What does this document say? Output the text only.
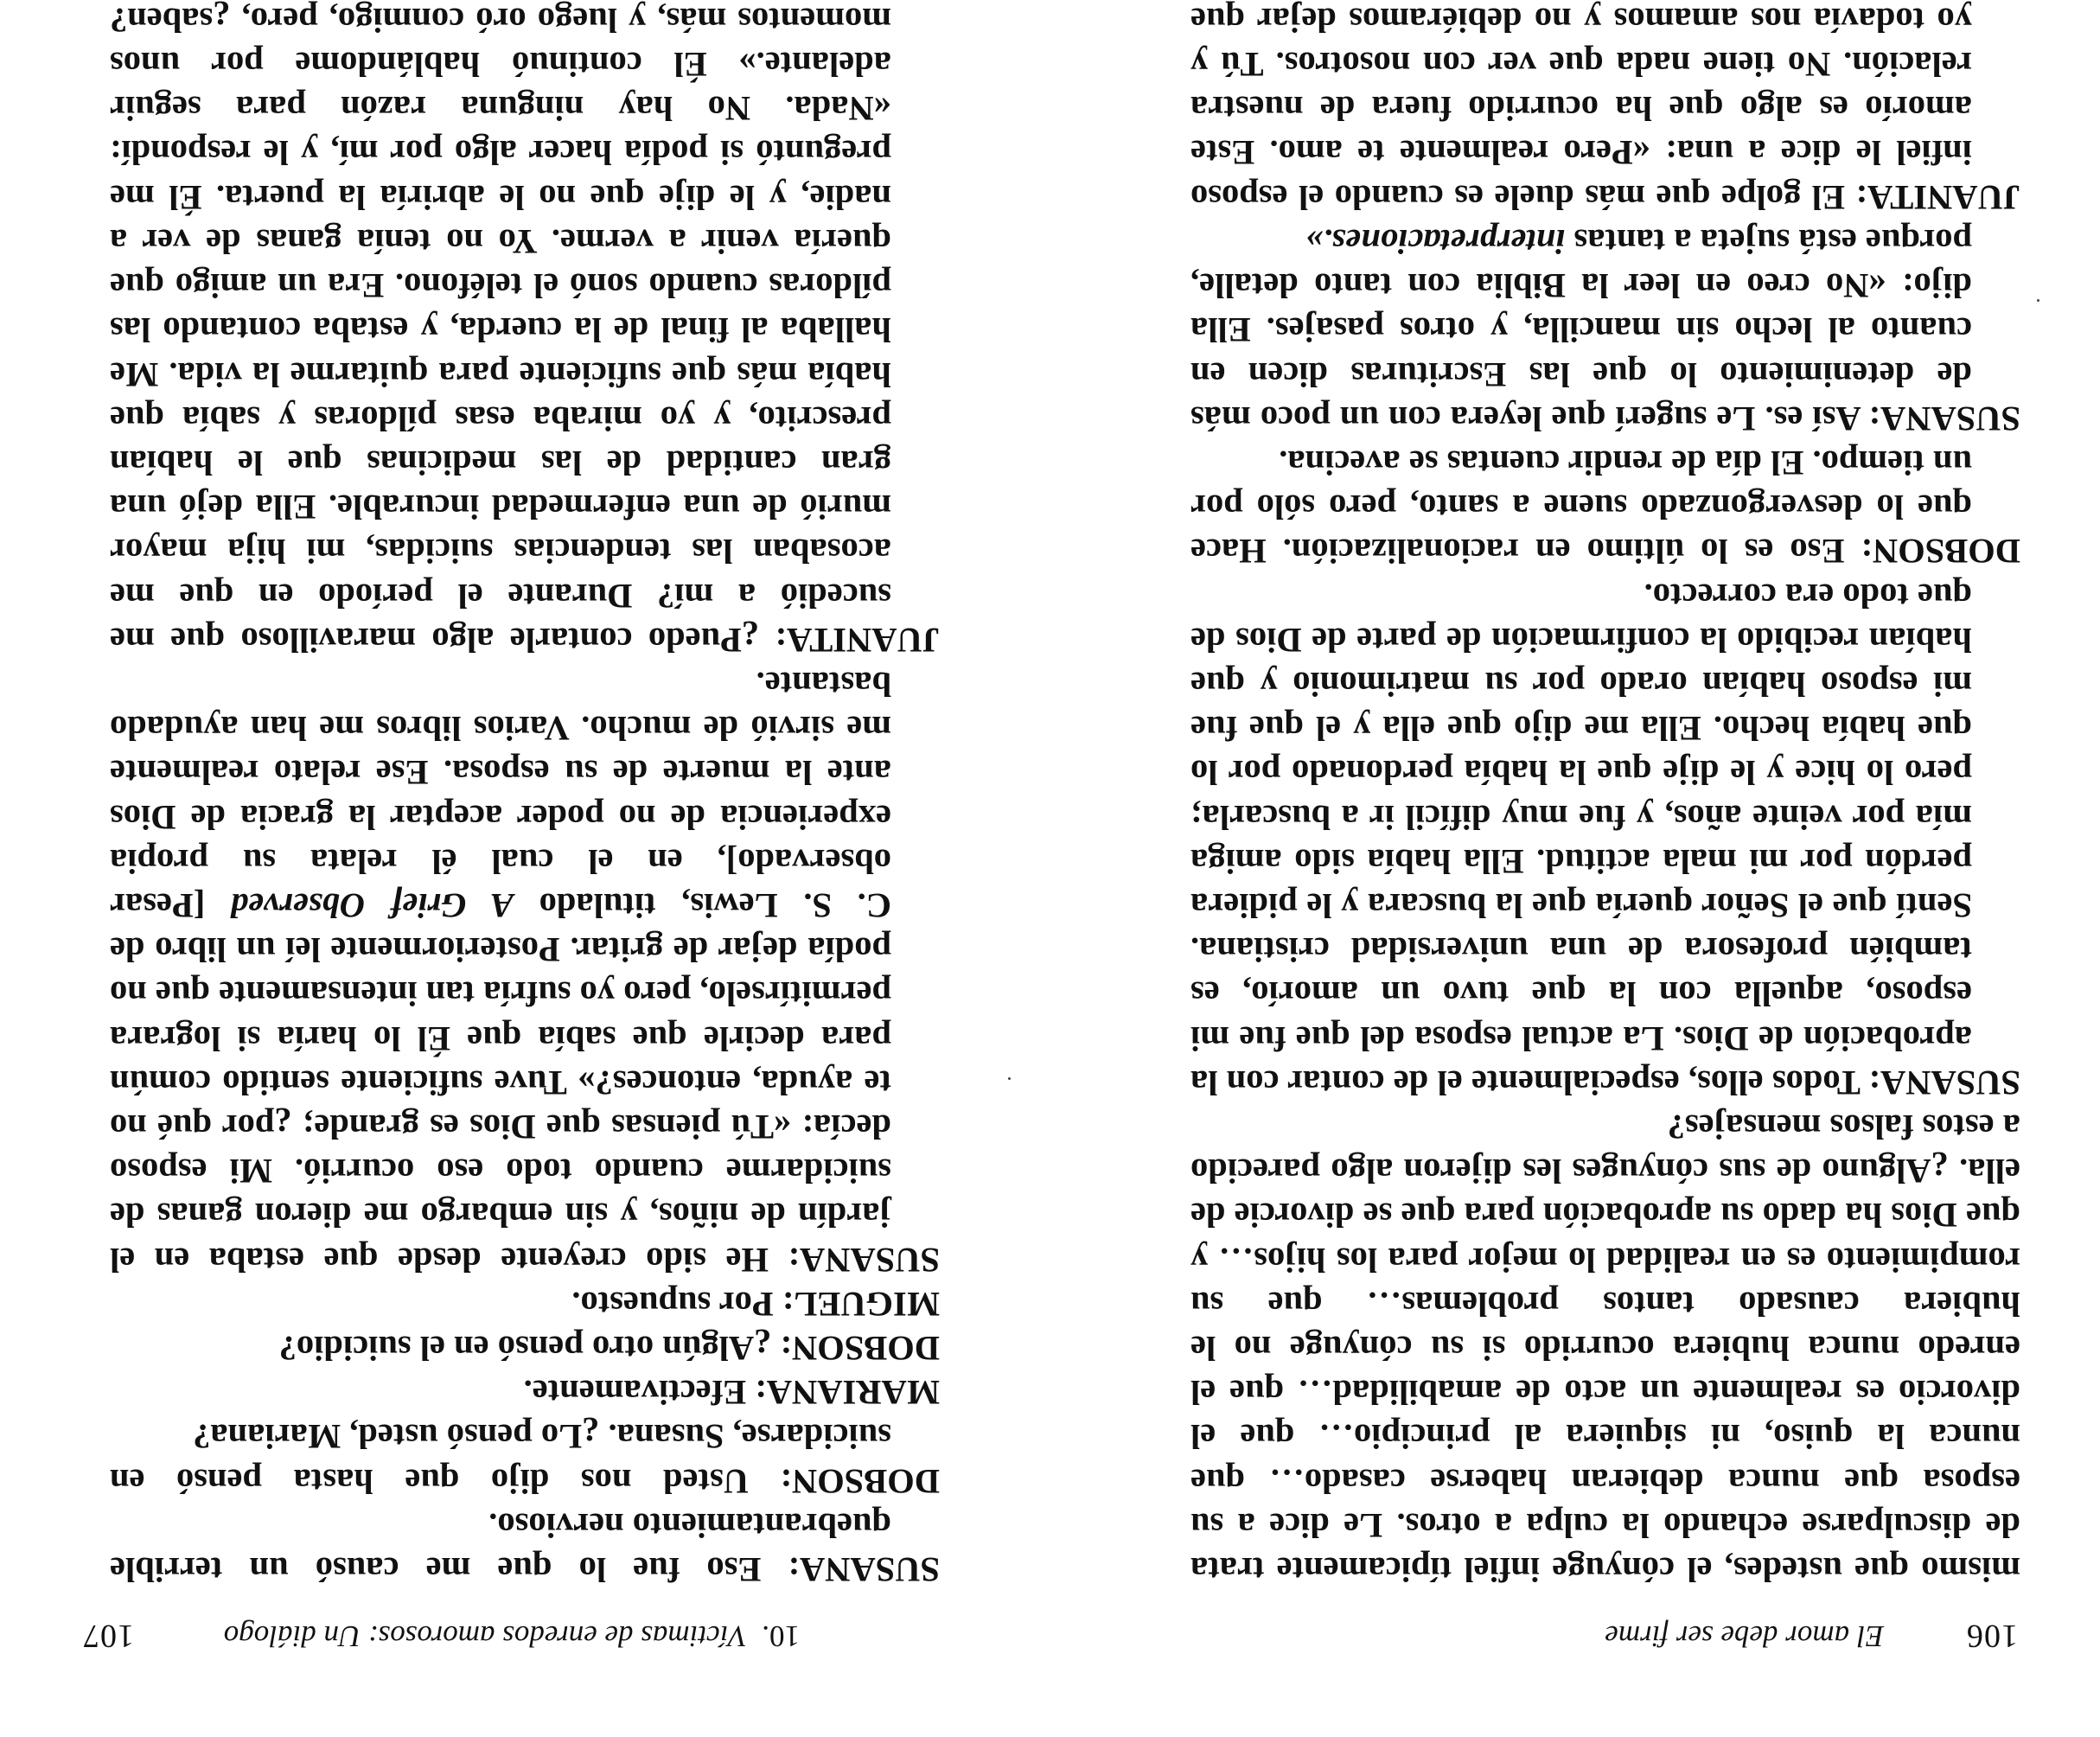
106
El amor debe ser firme

mismo que ustedes, el cónyuge infiel típicamente trata de disculparse echando la culpa a otros. Le dice a su esposa que nunca debieran haberse casado… que nunca la quiso, ni siquiera al principio… que el divorcio es realmente un acto de amabilidad… que el enredo nunca hubiera ocurrido si su cónyuge no le hubiera causado tantos problemas… que su rompimiento es en realidad lo mejor para los hijos… y que Dios ha dado su aprobación para que se divorcie de ella. ¿Alguno de sus cónyuges les dijeron algo parecido a estos falsos mensajes?

SUSANA: Todos ellos, especialmente el de contar con la aprobación de Dios. La actual esposa del que fue mi esposo, aquella con la que tuvo un amorío, es también profesora de una universidad cristiana. Sentí que el Señor quería que la buscara y le pidiera perdón por mi mala actitud. Ella había sido amiga mía por veinte años, y fue muy difícil ir a buscarla; pero lo hice y le dije que la había perdonado por lo que había hecho. Ella me dijo que ella y el que fue mi esposo habían orado por su matrimonio y que habían recibido la confirmación de parte de Dios de que todo era correcto.

DOBSON: Eso es lo último en racionalización. Hace que lo desvergonzado suene a santo, pero sólo por un tiempo. El día de rendir cuentas se avecina.

SUSANA: Así es. Le sugerí que leyera con un poco más de detenimiento lo que las Escrituras dicen en cuanto al lecho sin mancilla, y otros pasajes. Ella dijo: «No creo en leer la Biblia con tanto detalle, porque está sujeta a tantas interpretaciones.»

JUANITA: El golpe que más duele es cuando el esposo infiel le dice a una: «Pero realmente te amo. Este amorío es algo que ha ocurrido fuera de nuestra relación. No tiene nada que ver con nosotros. Tú y yo todavía nos amamos y no debiéramos dejar que

10.  Víctimas de enredos amorosos: Un diálogo
107

SUSANA: Eso fue lo que me causó un terrible quebrantamiento nervioso.

DOBSON: Usted nos dijo que hasta pensó en suicidarse, Susana. ¿Lo pensó usted, Mariana?

MARIANA: Efectivamente.

DOBSON: ¿Algún otro pensó en el suicidio?

MIGUEL: Por supuesto.

SUSANA: He sido creyente desde que estaba en el jardín de niños, y sin embargo me dieron ganas de suicidarme cuando todo eso ocurrió. Mi esposo decía: «Tú piensas que Dios es grande; ¿por qué no te ayuda, entonces?» Tuve suficiente sentido común para decirle que sabía que Él lo haría si lograra permitírselo, pero yo sufría tan intensamente que no podía dejar de gritar. Posteriormente leí un libro de C. S. Lewis, titulado A Grief Observed [Pesar observado], en el cual él relata su propia experiencia de no poder aceptar la gracia de Dios ante la muerte de su esposa. Ese relato realmente me sirvió de mucho. Varios libros me han ayudado bastante.

JUANITA: ¿Puedo contarle algo maravilloso que me sucedió a mí? Durante el período en que me acosaban las tendencias suicidas, mi hija mayor murió de una enfermedad incurable. Ella dejó una gran cantidad de las medicinas que le habían prescrito, y yo miraba esas píldoras y sabía que había más que suficiente para quitarme la vida. Me hallaba al final de la cuerda, y estaba contando las píldoras cuando sonó el teléfono. Era un amigo que quería venir a verme. Yo no tenía ganas de ver a nadie, y le dije que no le abriría la puerta. Él me preguntó si podía hacer algo por mí, y le respondí: «Nada. No hay ninguna razón para seguir adelante.» Él continuó hablándome por unos momentos más, y luego oró conmigo, pero, ¿saben?
